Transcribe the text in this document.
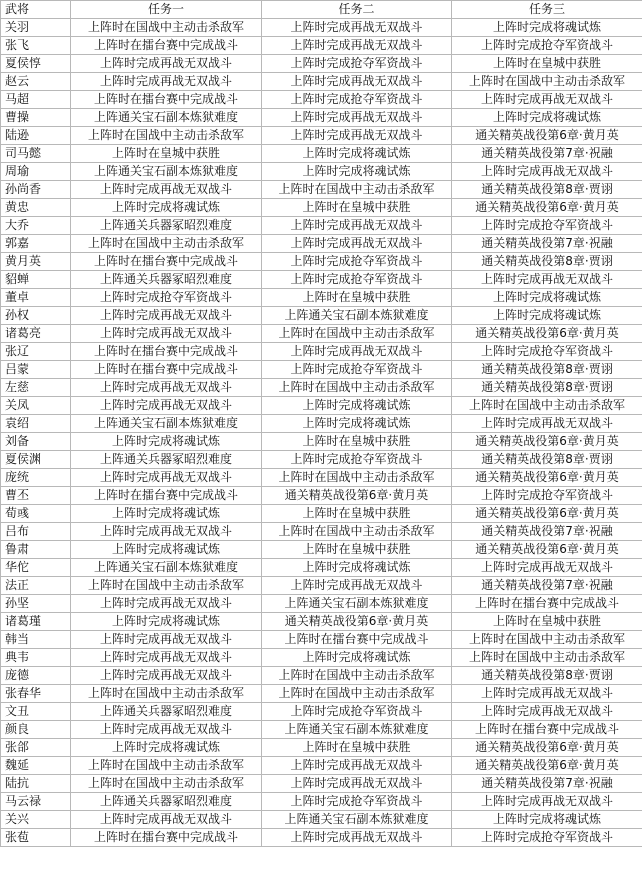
武将	任务一	任务二	任务三
关羽	上阵时在国战中主动击杀敌军	上阵时完成再战无双战斗	上阵时完成将魂试炼
张飞	上阵时在擂台赛中完成战斗	上阵时完成再战无双战斗	上阵时完成抢夺军资战斗
夏侯惇	上阵时完成再战无双战斗	上阵时完成抢夺军资战斗	上阵时在皇城中获胜
赵云	上阵时完成再战无双战斗	上阵时完成再战无双战斗	上阵时在国战中主动击杀敌军
马超	上阵时在擂台赛中完成战斗	上阵时完成抢夺军资战斗	上阵时完成再战无双战斗
曹操	上阵通关宝石副本炼狱难度	上阵时完成再战无双战斗	上阵时完成将魂试炼
陆逊	上阵时在国战中主动击杀敌军	上阵时完成再战无双战斗	通关精英战役第6章·黄月英
司马懿	上阵时在皇城中获胜	上阵时完成将魂试炼	通关精英战役第7章·祝融
周瑜	上阵通关宝石副本炼狱难度	上阵时完成将魂试炼	上阵时完成再战无双战斗
孙尚香	上阵时完成再战无双战斗	上阵时在国战中主动击杀敌军	通关精英战役第8章·贾诩
黄忠	上阵时完成将魂试炼	上阵时在皇城中获胜	通关精英战役第6章·黄月英
大乔	上阵通关兵器冢昭烈难度	上阵时完成再战无双战斗	上阵时完成抢夺军资战斗
郭嘉	上阵时在国战中主动击杀敌军	上阵时完成再战无双战斗	通关精英战役第7章·祝融
黄月英	上阵时在擂台赛中完成战斗	上阵时完成抢夺军资战斗	通关精英战役第8章·贾诩
貂蝉	上阵通关兵器冢昭烈难度	上阵时完成抢夺军资战斗	上阵时完成再战无双战斗
董卓	上阵时完成抢夺军资战斗	上阵时在皇城中获胜	上阵时完成将魂试炼
孙权	上阵时完成再战无双战斗	上阵通关宝石副本炼狱难度	上阵时完成将魂试炼
诸葛亮	上阵时完成再战无双战斗	上阵时在国战中主动击杀敌军	通关精英战役第6章·黄月英
张辽	上阵时在擂台赛中完成战斗	上阵时完成再战无双战斗	上阵时完成抢夺军资战斗
吕蒙	上阵时在擂台赛中完成战斗	上阵时完成抢夺军资战斗	通关精英战役第8章·贾诩
左慈	上阵时完成再战无双战斗	上阵时在国战中主动击杀敌军	通关精英战役第8章·贾诩
关凤	上阵时完成再战无双战斗	上阵时完成将魂试炼	上阵时在国战中主动击杀敌军
袁绍	上阵通关宝石副本炼狱难度	上阵时完成将魂试炼	上阵时完成再战无双战斗
刘备	上阵时完成将魂试炼	上阵时在皇城中获胜	通关精英战役第6章·黄月英
夏侯渊	上阵通关兵器冢昭烈难度	上阵时完成抢夺军资战斗	通关精英战役第8章·贾诩
庞统	上阵时完成再战无双战斗	上阵时在国战中主动击杀敌军	通关精英战役第6章·黄月英
曹丕	上阵时在擂台赛中完成战斗	通关精英战役第6章·黄月英	上阵时完成抢夺军资战斗
荀彧	上阵时完成将魂试炼	上阵时在皇城中获胜	通关精英战役第6章·黄月英
吕布	上阵时完成再战无双战斗	上阵时在国战中主动击杀敌军	通关精英战役第7章·祝融
鲁肃	上阵时完成将魂试炼	上阵时在皇城中获胜	通关精英战役第6章·黄月英
华佗	上阵通关宝石副本炼狱难度	上阵时完成将魂试炼	上阵时完成再战无双战斗
法正	上阵时在国战中主动击杀敌军	上阵时完成再战无双战斗	通关精英战役第7章·祝融
孙坚	上阵时完成再战无双战斗	上阵通关宝石副本炼狱难度	上阵时在擂台赛中完成战斗
诸葛瑾	上阵时完成将魂试炼	通关精英战役第6章·黄月英	上阵时在皇城中获胜
韩当	上阵时完成再战无双战斗	上阵时在擂台赛中完成战斗	上阵时在国战中主动击杀敌军
典韦	上阵时完成再战无双战斗	上阵时完成将魂试炼	上阵时在国战中主动击杀敌军
庞德	上阵时完成再战无双战斗	上阵时在国战中主动击杀敌军	通关精英战役第8章·贾诩
张春华	上阵时在国战中主动击杀敌军	上阵时在国战中主动击杀敌军	上阵时完成再战无双战斗
文丑	上阵通关兵器冢昭烈难度	上阵时完成抢夺军资战斗	上阵时完成再战无双战斗
颜良	上阵时完成再战无双战斗	上阵通关宝石副本炼狱难度	上阵时在擂台赛中完成战斗
张郃	上阵时完成将魂试炼	上阵时在皇城中获胜	通关精英战役第6章·黄月英
魏延	上阵时在国战中主动击杀敌军	上阵时完成再战无双战斗	通关精英战役第6章·黄月英
陆抗	上阵时在国战中主动击杀敌军	上阵时完成再战无双战斗	通关精英战役第7章·祝融
马云禄	上阵通关兵器冢昭烈难度	上阵时完成抢夺军资战斗	上阵时完成再战无双战斗
关兴	上阵时完成再战无双战斗	上阵通关宝石副本炼狱难度	上阵时完成将魂试炼
张苞	上阵时在擂台赛中完成战斗	上阵时完成再战无双战斗	上阵时完成抢夺军资战斗
